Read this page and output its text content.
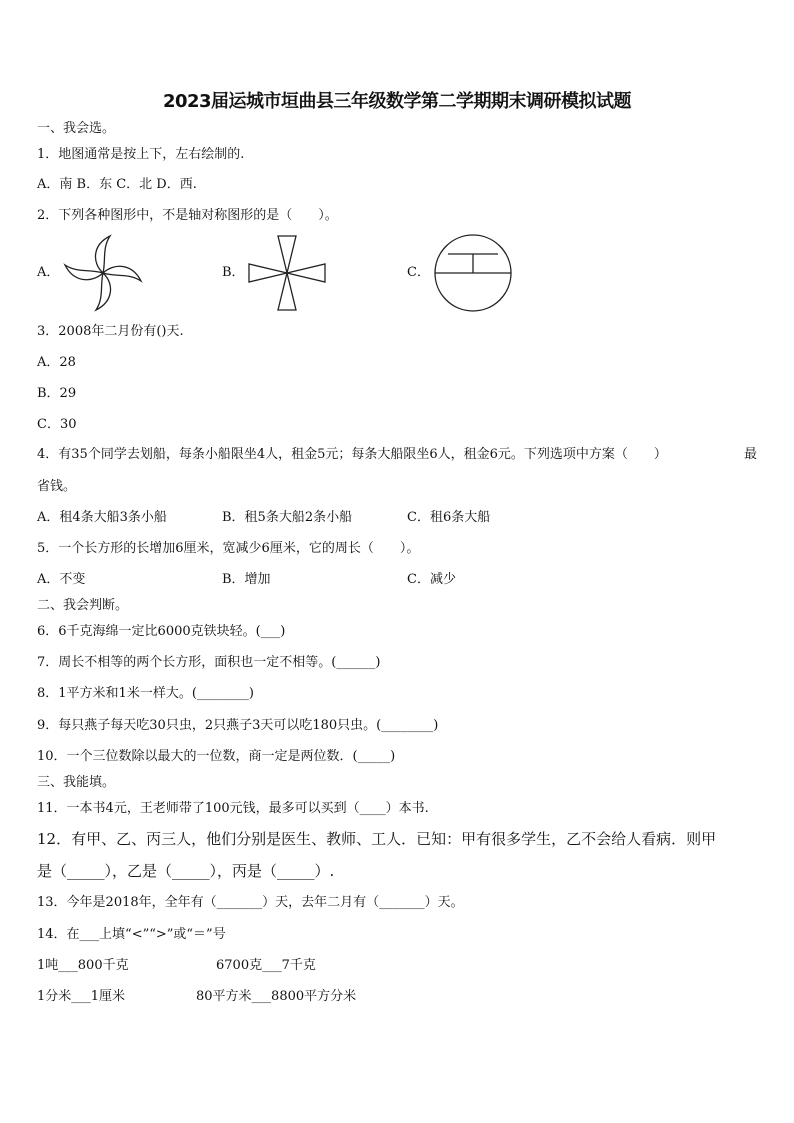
2023届运城市垣曲县三年级数学第二学期期末调研模拟试题
一、我会选。
1．地图通常是按上下，左右绘制的.
A．南 B．东 C．北 D．西.
2．下列各种图形中，不是轴对称图形的是（　　）。
A．	B．	C．
3．2008年二月份有()天.
A．28
B．29
C．30
4．有35个同学去划船，每条小船限坐4人，租金5元；每条大船限坐6人，租金6元。下列选项中方案（　　）	最
省钱。
A．租4条大船3条小船	B．租5条大船2条小船	C．租6条大船
5．一个长方形的长增加6厘米，宽减少6厘米，它的周长（　　）。
A．不变	B．增加	C．减少
二、我会判断。
6．6千克海绵一定比6000克铁块轻。(___)
7．周长不相等的两个长方形，面积也一定不相等。(______)
8．1平方米和1米一样大。(________)
9．每只燕子每天吃30只虫，2只燕子3天可以吃180只虫。(________)
10．一个三位数除以最大的一位数，商一定是两位数．(_____)
三、我能填。
11．一本书4元，王老师带了100元钱，最多可以买到（____）本书.
12．有甲、乙、丙三人，他们分别是医生、教师、工人．已知：甲有很多学生，乙不会给人看病．则甲
是（_____），乙是（_____），丙是（_____）.
13．今年是2018年，全年有（_______）天，去年二月有（_______）天。
14．在___上填“<”“>”或“＝”号
1吨___800千克	6700克___7千克
1分米___1厘米	80平方米___8800平方分米
